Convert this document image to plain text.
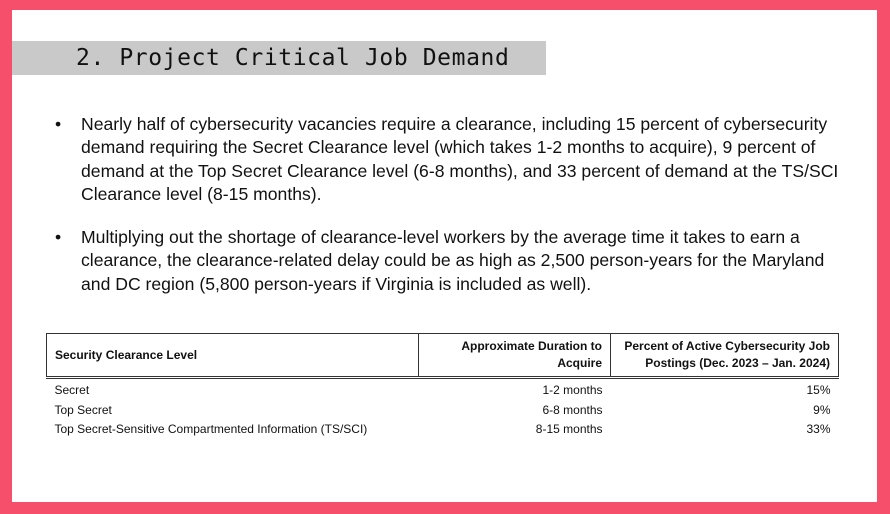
2. Project Critical Job Demand
• Nearly half of cybersecurity vacancies require a clearance, including 15 percent of cybersecurity demand requiring the Secret Clearance level (which takes 1-2 months to acquire), 9 percent of demand at the Top Secret Clearance level (6-8 months), and 33 percent of demand at the TS/SCI Clearance level (8-15 months).
• Multiplying out the shortage of clearance-level workers by the average time it takes to earn a clearance, the clearance-related delay could be as high as 2,500 person-years for the Maryland and DC region (5,800 person-years if Virginia is included as well).
Security Clearance Level	Approximate Duration to Acquire	Percent of Active Cybersecurity Job Postings (Dec. 2023 – Jan. 2024)
Secret	1-2 months	15%
Top Secret	6-8 months	9%
Top Secret-Sensitive Compartmented Information (TS/SCI)	8-15 months	33%
